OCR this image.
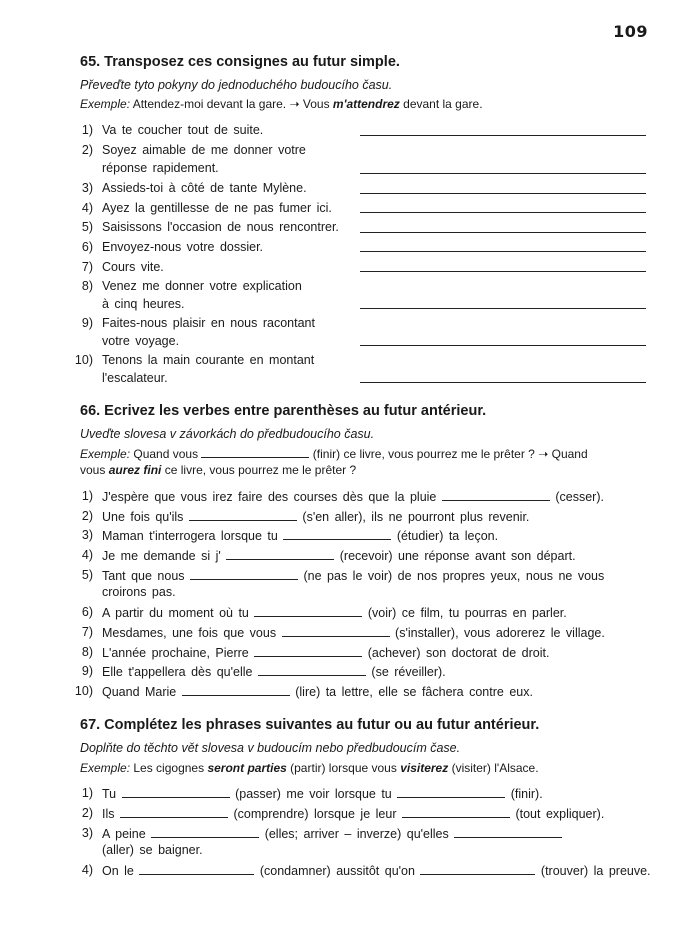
109
65. Transposez ces consignes au futur simple.
Převeďte tyto pokyny do jednoduchého budoucího času.
Exemple: Attendez-moi devant la gare. ➝ Vous m'attendrez devant la gare.
1) Va te coucher tout de suite.
2) Soyez aimable de me donner votre
réponse rapidement.
3) Assieds-toi à côté de tante Mylène.
4) Ayez la gentillesse de ne pas fumer ici.
5) Saisissons l'occasion de nous rencontrer.
6) Envoyez-nous votre dossier.
7) Cours vite.
8) Venez me donner votre explication
à cinq heures.
9) Faites-nous plaisir en nous racontant
votre voyage.
10) Tenons la main courante en montant
l'escalateur.
66. Ecrivez les verbes entre parenthèses au futur antérieur.
Uveďte slovesa v závorkách do předbudoucího času.
Exemple: Quand vous	(finir) ce livre, vous pourrez me le prêter ? ➝ Quand
vous aurez fini ce livre, vous pourrez me le prêter ?
1) J'espère que vous irez faire des courses dès que la pluie	(cesser).
2) Une fois qu'ils	(s'en aller), ils ne pourront plus revenir.
3) Maman t'interrogera lorsque tu	(étudier) ta leçon.
4) Je me demande si j'	(recevoir) une réponse avant son départ.
5) Tant que nous	(ne pas le voir) de nos propres yeux, nous ne vous
croirons pas.
6) A partir du moment où tu	(voir) ce film, tu pourras en parler.
7) Mesdames, une fois que vous	(s'installer), vous adorerez le village.
8) L'année prochaine, Pierre	(achever) son doctorat de droit.
9) Elle t'appellera dès qu'elle	(se réveiller).
10) Quand Marie	(lire) ta lettre, elle se fâchera contre eux.
67. Complétez les phrases suivantes au futur ou au futur antérieur.
Doplňte do těchto vět slovesa v budoucím nebo předbudoucím čase.
Exemple: Les cigognes seront parties (partir) lorsque vous visiterez (visiter) l'Alsace.
1) Tu	(passer) me voir lorsque tu	(finir).
2) Ils	(comprendre) lorsque je leur	(tout expliquer).
3) A peine	(elles; arriver – inverze) qu'elles
(aller) se baigner.
4) On le	(condamner) aussitôt qu'on	(trouver) la preuve.
